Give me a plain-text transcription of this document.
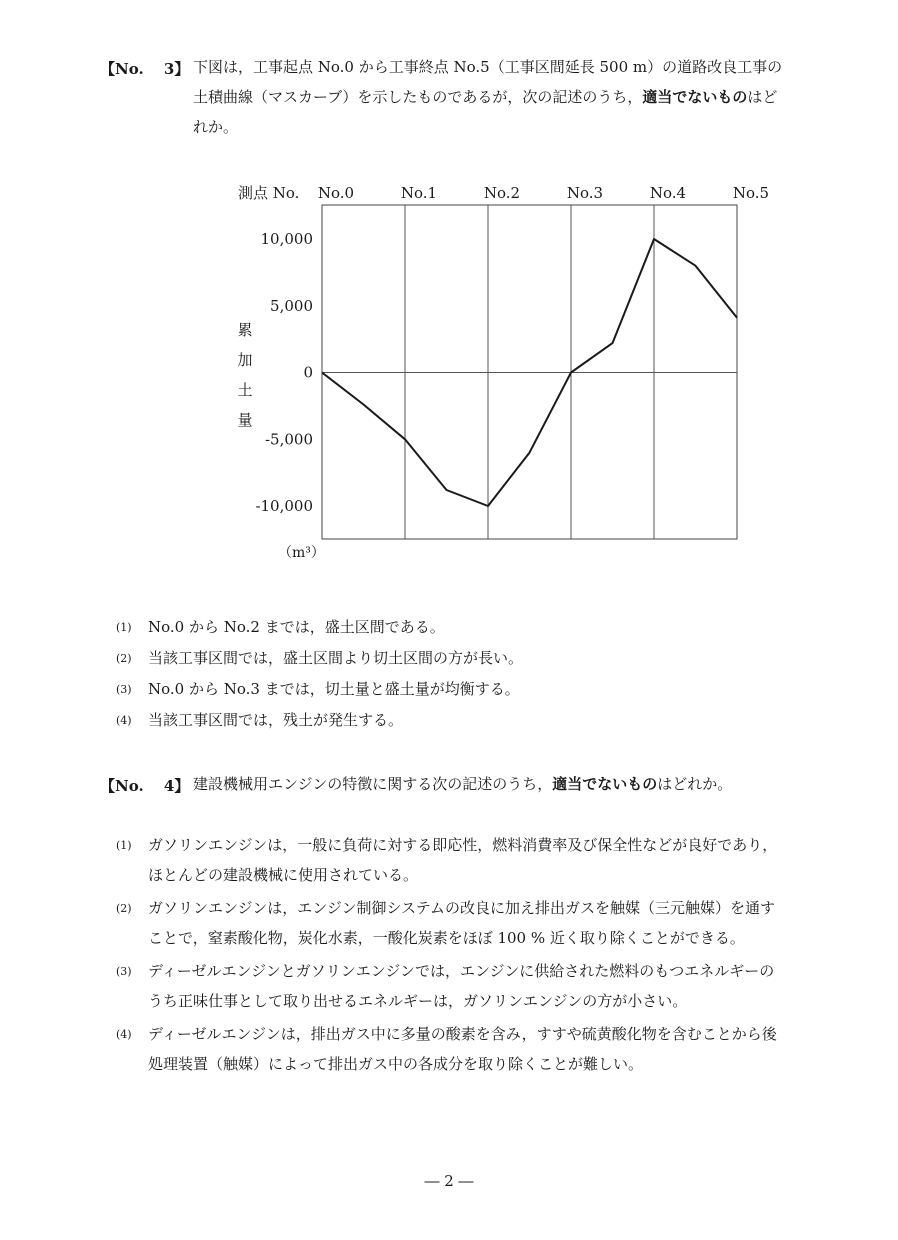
【No.　 3】 下図は，工事起点 No.0 から工事終点 No.5（工事区間延長 500 m）の道路改良工事の
土積曲線（マスカーブ）を示したものであるが，次の記述のうち，適当でないものはど
れか。
測点 No. No.0	No.1	No.2	No.3	No.4	No.5
10,000
5,000
0
-5,000
-10,000
累
加
土
量
（m³）
(1)	No.0 から No.2 までは，盛土区間である。
(2)	当該工事区間では，盛土区間より切土区間の方が長い。
(3)	No.0 から No.3 までは，切土量と盛土量が均衡する。
(4)	当該工事区間では，残土が発生する。
【No.　 4】 建設機械用エンジンの特徴に関する次の記述のうち，適当でないものはどれか。
(1)	ガソリンエンジンは，一般に負荷に対する即応性，燃料消費率及び保全性などが良好であり，
ほとんどの建設機械に使用されている。
(2)	ガソリンエンジンは，エンジン制御システムの改良に加え排出ガスを触媒（三元触媒）を通す
ことで，窒素酸化物，炭化水素，一酸化炭素をほぼ 100 % 近く取り除くことができる。
(3)	ディーゼルエンジンとガソリンエンジンでは，エンジンに供給された燃料のもつエネルギーの
うち正味仕事として取り出せるエネルギーは，ガソリンエンジンの方が小さい。
(4)	ディーゼルエンジンは，排出ガス中に多量の酸素を含み，すすや硫黄酸化物を含むことから後
処理装置（触媒）によって排出ガス中の各成分を取り除くことが難しい。
― 2 ―
